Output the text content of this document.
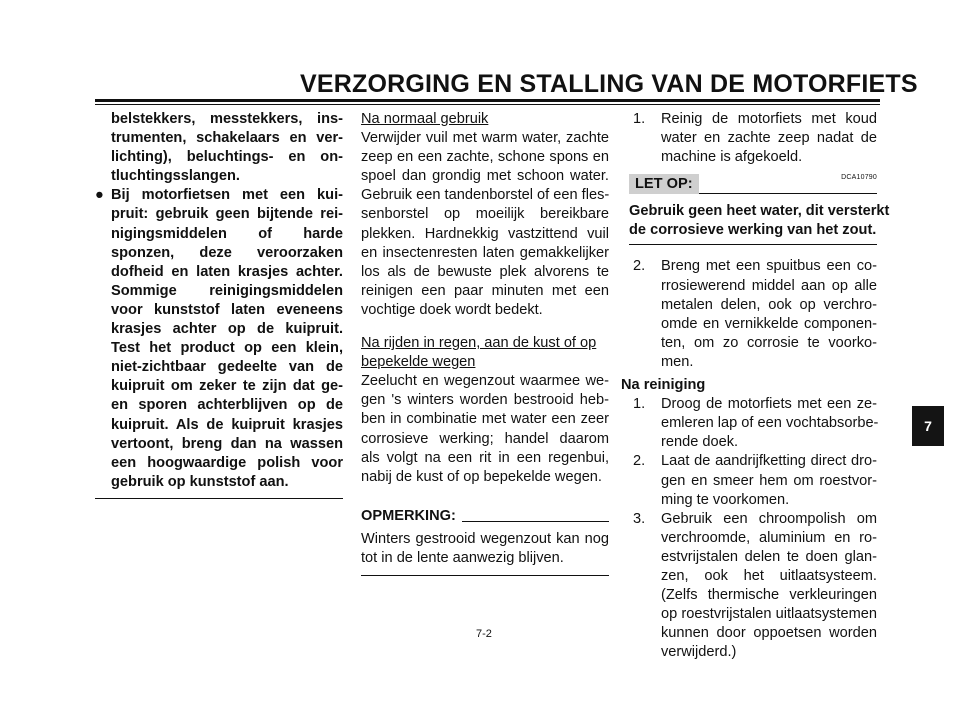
VERZORGING EN STALLING VAN DE MOTORFIETS
belstekkers, messtekkers, ins-
trumenten, schakelaars en ver-
lichting), beluchtings- en on-
tluchtingsslangen.
● Bij motorfietsen met een kui-
pruit: gebruik geen bijtende rei-
nigingsmiddelen of harde
sponzen, deze veroorzaken
dofheid en laten krasjes achter.
Sommige reinigingsmiddelen
voor kunststof laten eveneens
krasjes achter op de kuipruit.
Test het product op een klein,
niet-zichtbaar gedeelte van de
kuipruit om zeker te zijn dat ge-
en sporen achterblijven op de
kuipruit. Als de kuipruit krasjes
vertoont, breng dan na wassen
een hoogwaardige polish voor
gebruik op kunststof aan.
Na normaal gebruik
Verwijder vuil met warm water, zachte
zeep en een zachte, schone spons en
spoel dan grondig met schoon water.
Gebruik een tandenborstel of een fles-
senborstel op moeilijk bereikbare
plekken. Hardnekkig vastzittend vuil
en insectenresten laten gemakkelijker
los als de bewuste plek alvorens te
reinigen een paar minuten met een
vochtige doek wordt bedekt.
Na rijden in regen, aan de kust of op
bepekelde wegen
Zeelucht en wegenzout waarmee we-
gen 's winters worden bestrooid heb-
ben in combinatie met water een zeer
corrosieve werking; handel daarom
als volgt na een rit in een regenbui,
nabij de kust of op bepekelde wegen.
OPMERKING:
Winters gestrooid wegenzout kan nog
tot in de lente aanwezig blijven.
1. Reinig de motorfiets met koud
water en zachte zeep nadat de
machine is afgekoeld.
LET OP:	DCA10790
Gebruik geen heet water, dit versterkt
de corrosieve werking van het zout.
2. Breng met een spuitbus een co-
rrosiewerend middel aan op alle
metalen delen, ook op verchro-
omde en vernikkelde componen-
ten, om zo corrosie te voorko-
men.
Na reiniging
1. Droog de motorfiets met een ze-
emleren lap of een vochtabsorbe-
rende doek.
2. Laat de aandrijfketting direct dro-
gen en smeer hem om roestvor-
ming te voorkomen.
3. Gebruik een chroompolish om
verchroomde, aluminium en ro-
estvrijstalen delen te doen glan-
zen, ook het uitlaatsysteem.
(Zelfs thermische verkleuringen
op roestvrijstalen uitlaatsystemen
kunnen door oppoetsen worden
verwijderd.)
7-2
7
